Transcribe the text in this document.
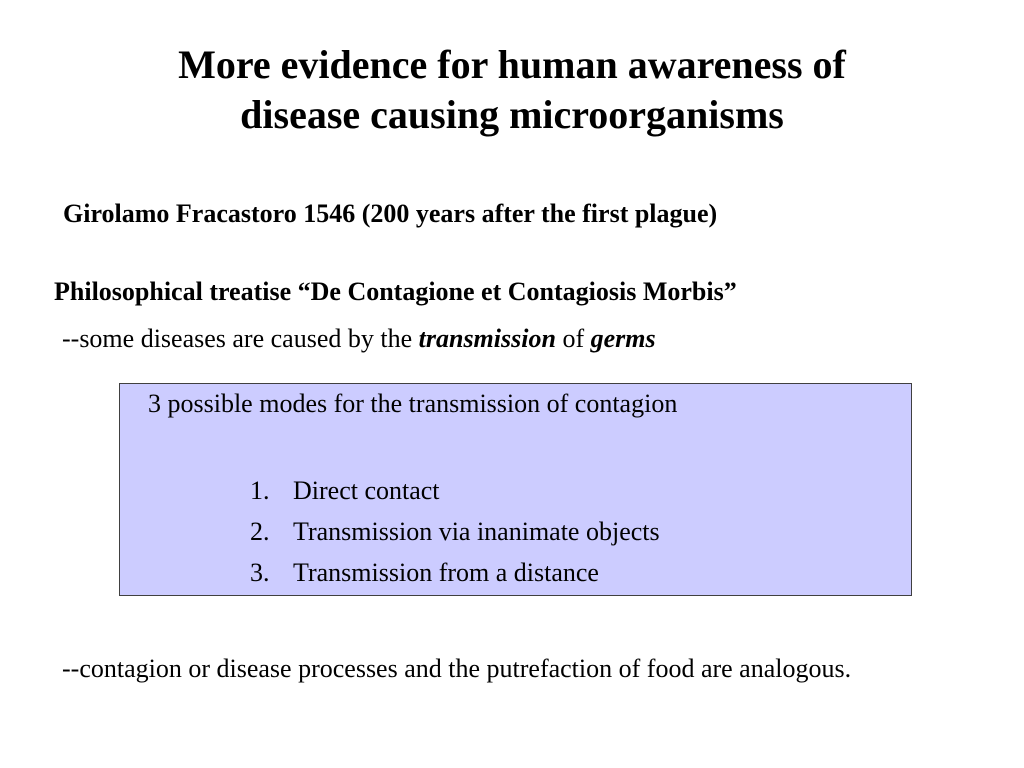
More evidence for human awareness of
disease causing microorganisms
Girolamo Fracastoro 1546 (200 years after the first plague)
Philosophical treatise “De Contagione et Contagiosis Morbis”
--some diseases are caused by the transmission of germs
3 possible modes for the transmission of contagion
1. Direct contact
2. Transmission via inanimate objects
3. Transmission from a distance
--contagion or disease processes and the putrefaction of food are analogous.
